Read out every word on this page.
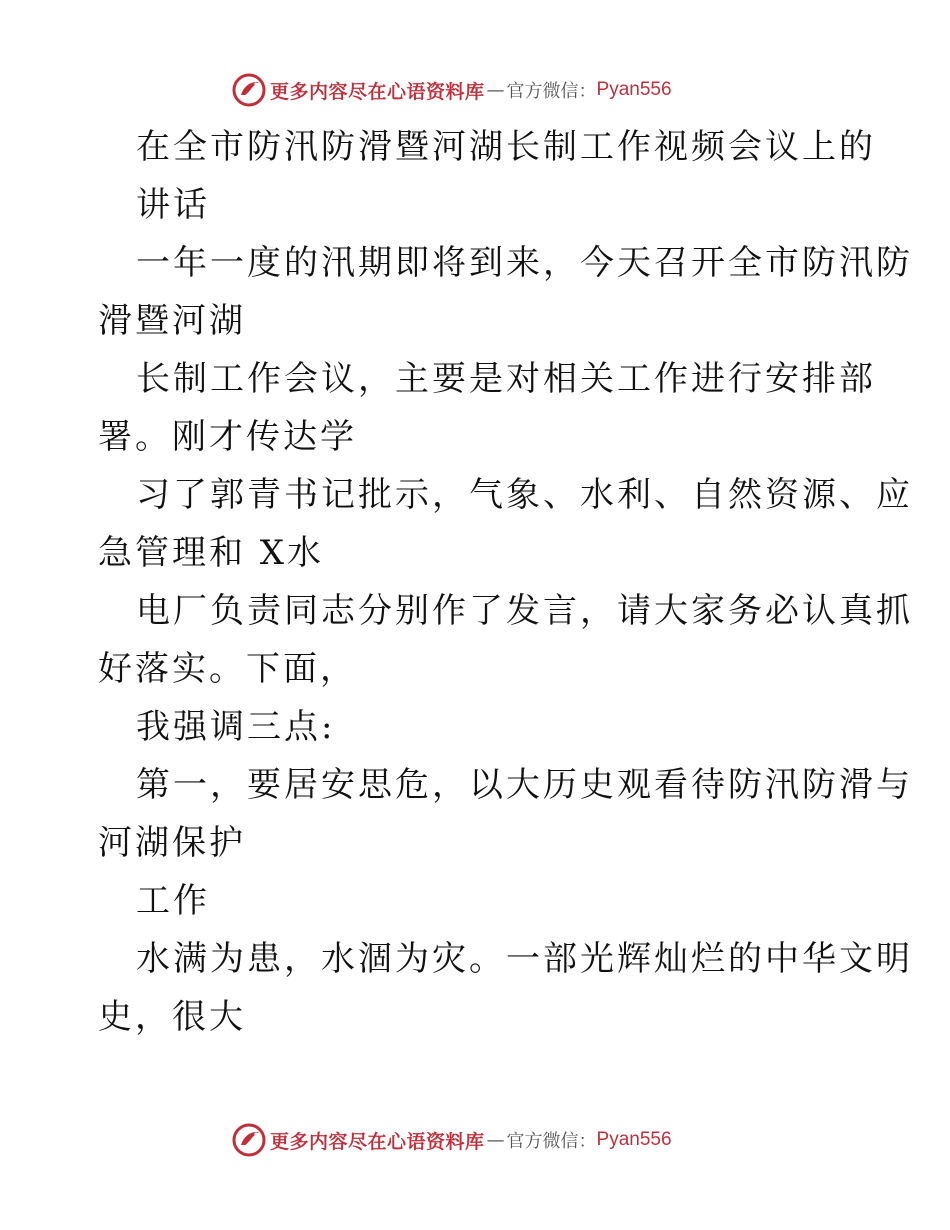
更多内容尽在心语资料库 — 官方微信： Pyan556

在全市防汛防滑暨河湖长制工作视频会议上的

讲话

一年一度的汛期即将到来，今天召开全市防汛防

滑暨河湖

长制工作会议，主要是对相关工作进行安排部

署。刚才传达学

习了郭青书记批示，气象、水利、自然资源、应

急管理和 X水

电厂负责同志分别作了发言，请大家务必认真抓

好落实。下面，

我强调三点:

第一，要居安思危，以大历史观看待防汛防滑与

河湖保护

工作

水满为患，水涸为灾。一部光辉灿烂的中华文明

史，很大

更多内容尽在心语资料库 — 官方微信： Pyan556
